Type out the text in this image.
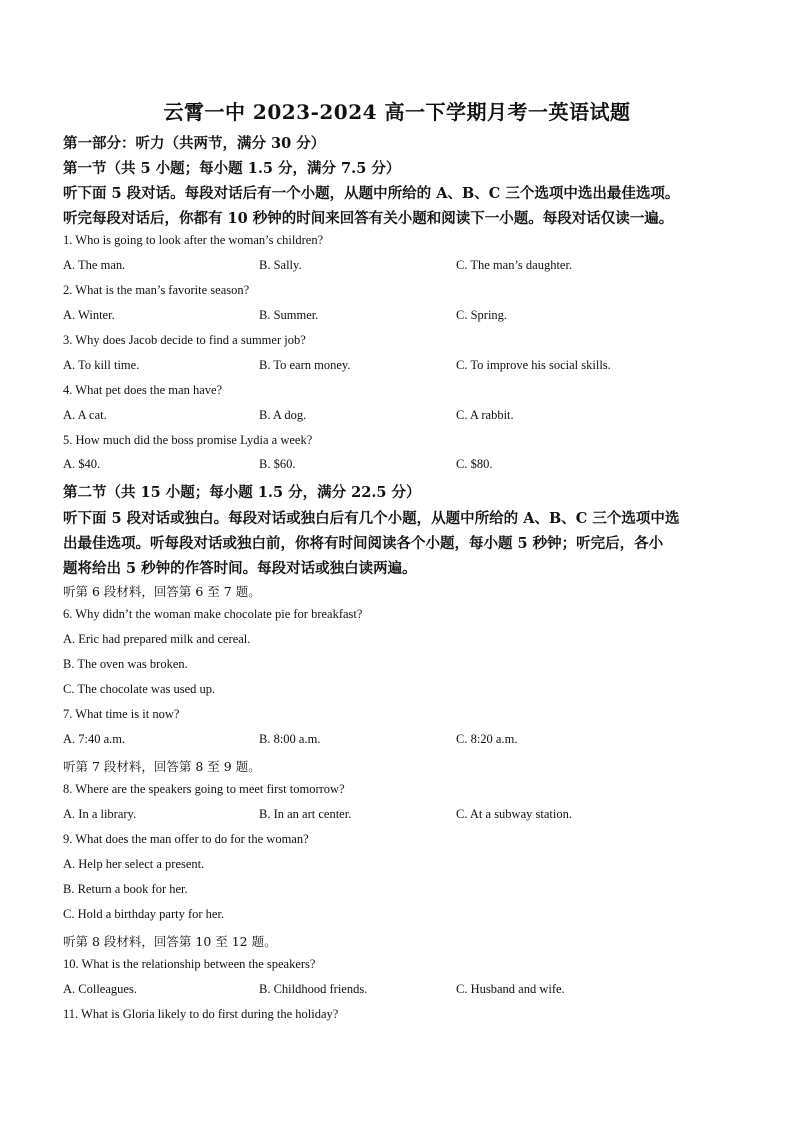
云霄一中 2023-2024 高一下学期月考一英语试题
第一部分：听力（共两节，满分 30 分）
第一节（共 5 小题；每小题 1.5 分，满分 7.5 分）
听下面 5 段对话。每段对话后有一个小题，从题中所给的 A、B、C 三个选项中选出最佳选项。
听完每段对话后，你都有 10 秒钟的时间来回答有关小题和阅读下一小题。每段对话仅读一遍。
1. Who is going to look after the woman’s children?
A. The man.	B. Sally.	C. The man’s daughter.
2. What is the man’s favorite season?
A. Winter.	B. Summer.	C. Spring.
3. Why does Jacob decide to find a summer job?
A. To kill time.	B. To earn money.	C. To improve his social skills.
4. What pet does the man have?
A. A cat.	B. A dog.	C. A rabbit.
5. How much did the boss promise Lydia a week?
A. $40.	B. $60.	C. $80.
第二节（共 15 小题；每小题 1.5 分，满分 22.5 分）
听下面 5 段对话或独白。每段对话或独白后有几个小题，从题中所给的 A、B、C 三个选项中选
出最佳选项。听每段对话或独白前，你将有时间阅读各个小题，每小题 5 秒钟；听完后，各小
题将给出 5 秒钟的作答时间。每段对话或独白读两遍。
听第 6 段材料，回答第 6 至 7 题。
6. Why didn’t the woman make chocolate pie for breakfast?
A. Eric had prepared milk and cereal.
B. The oven was broken.
C. The chocolate was used up.
7. What time is it now?
A. 7:40 a.m.	B. 8:00 a.m.	C. 8:20 a.m.
听第 7 段材料，回答第 8 至 9 题。
8. Where are the speakers going to meet first tomorrow?
A. In a library.	B. In an art center.	C. At a subway station.
9. What does the man offer to do for the woman?
A. Help her select a present.
B. Return a book for her.
C. Hold a birthday party for her.
听第 8 段材料，回答第 10 至 12 题。
10. What is the relationship between the speakers?
A. Colleagues.	B. Childhood friends.	C. Husband and wife.
11. What is Gloria likely to do first during the holiday?
